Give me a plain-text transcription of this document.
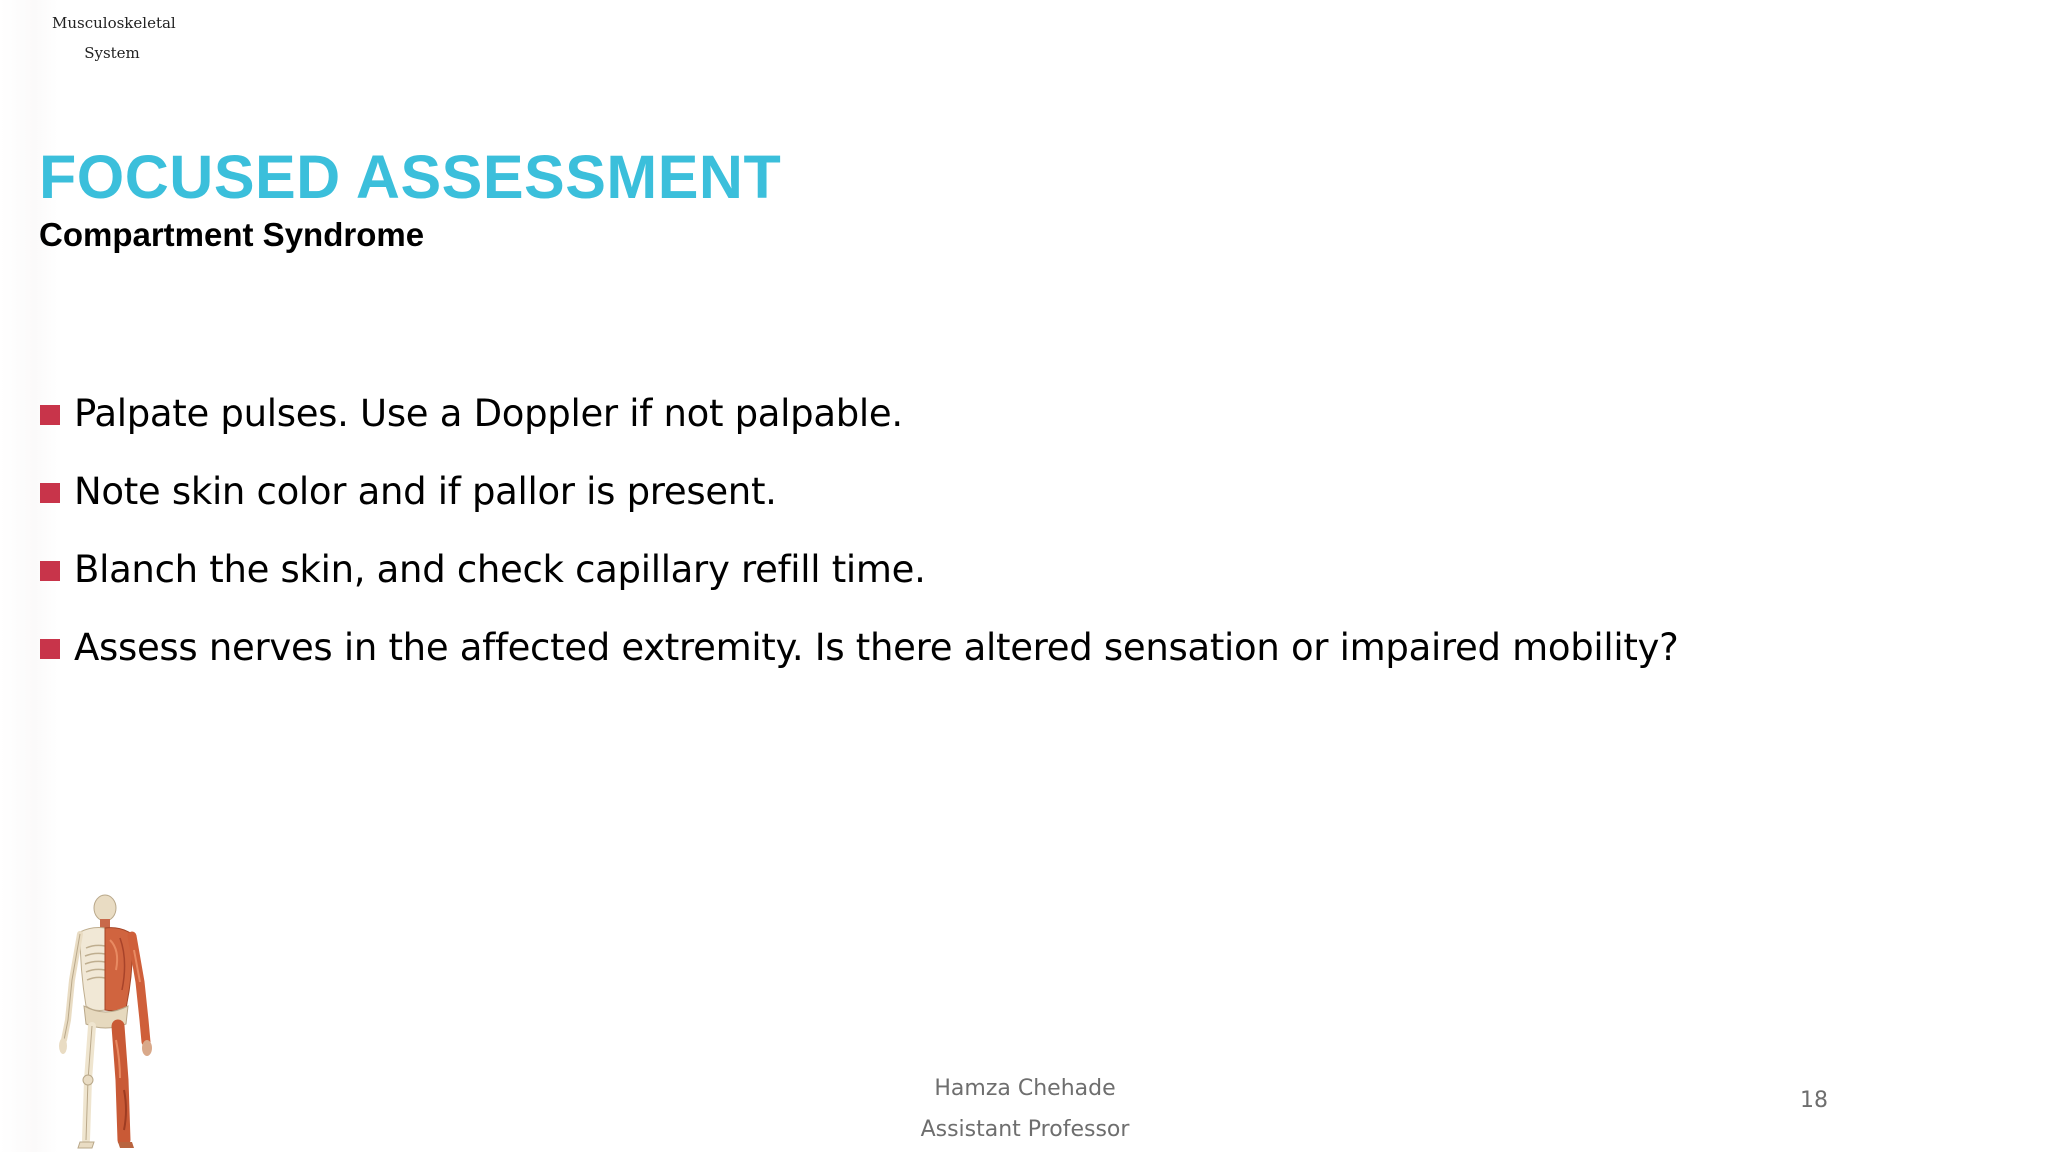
Musculoskeletal
System
FOCUSED ASSESSMENT
Compartment Syndrome
Palpate pulses. Use a Doppler if not palpable.
Note skin color and if pallor is present.
Blanch the skin, and check capillary refill time.
Assess nerves in the affected extremity. Is there altered sensation or impaired mobility?
Hamza Chehade
Assistant Professor
18
